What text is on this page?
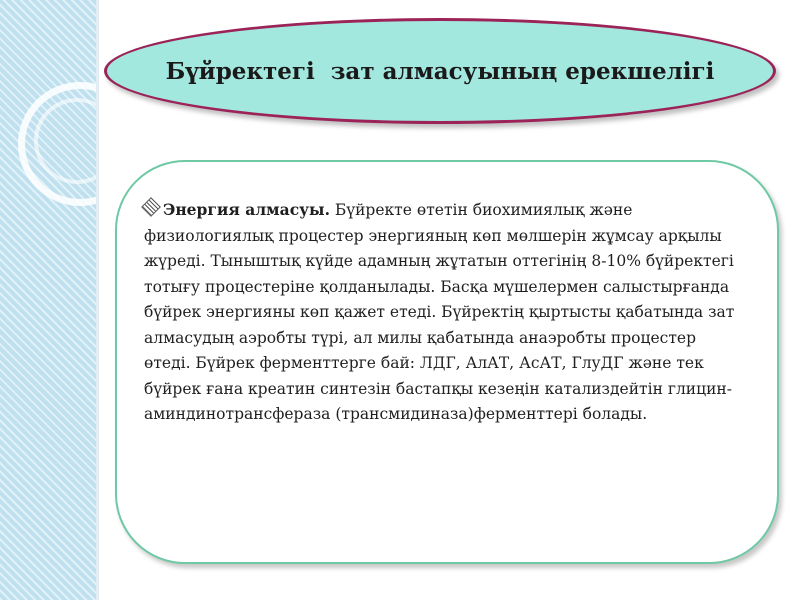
Бүйректегі  зат алмасуының ерекшелігі

Энергия алмасуы. Бүйректе өтетін биохимиялық және физиологиялық процестер энергияның көп мөлшерін жұмсау арқылы жүреді. Тыныштық күйде адамның жұтатын оттегінің 8-10% бүйректегі тотығу процестеріне қолданылады. Басқа мүшелермен салыстырғанда бүйрек энергияны көп қажет етеді. Бүйректің қыртысты қабатында зат алмасудың аэробты түрі, ал милы қабатында анаэробты процестер өтеді. Бүйрек ферменттерге бай: ЛДГ, АлАТ, АсАТ, ГлуДГ және тек бүйрек ғана креатин синтезін бастапқы кезеңін катализдейтін глицин-аминдинотрансфераза (трансмидиназа)ферменттері болады.
